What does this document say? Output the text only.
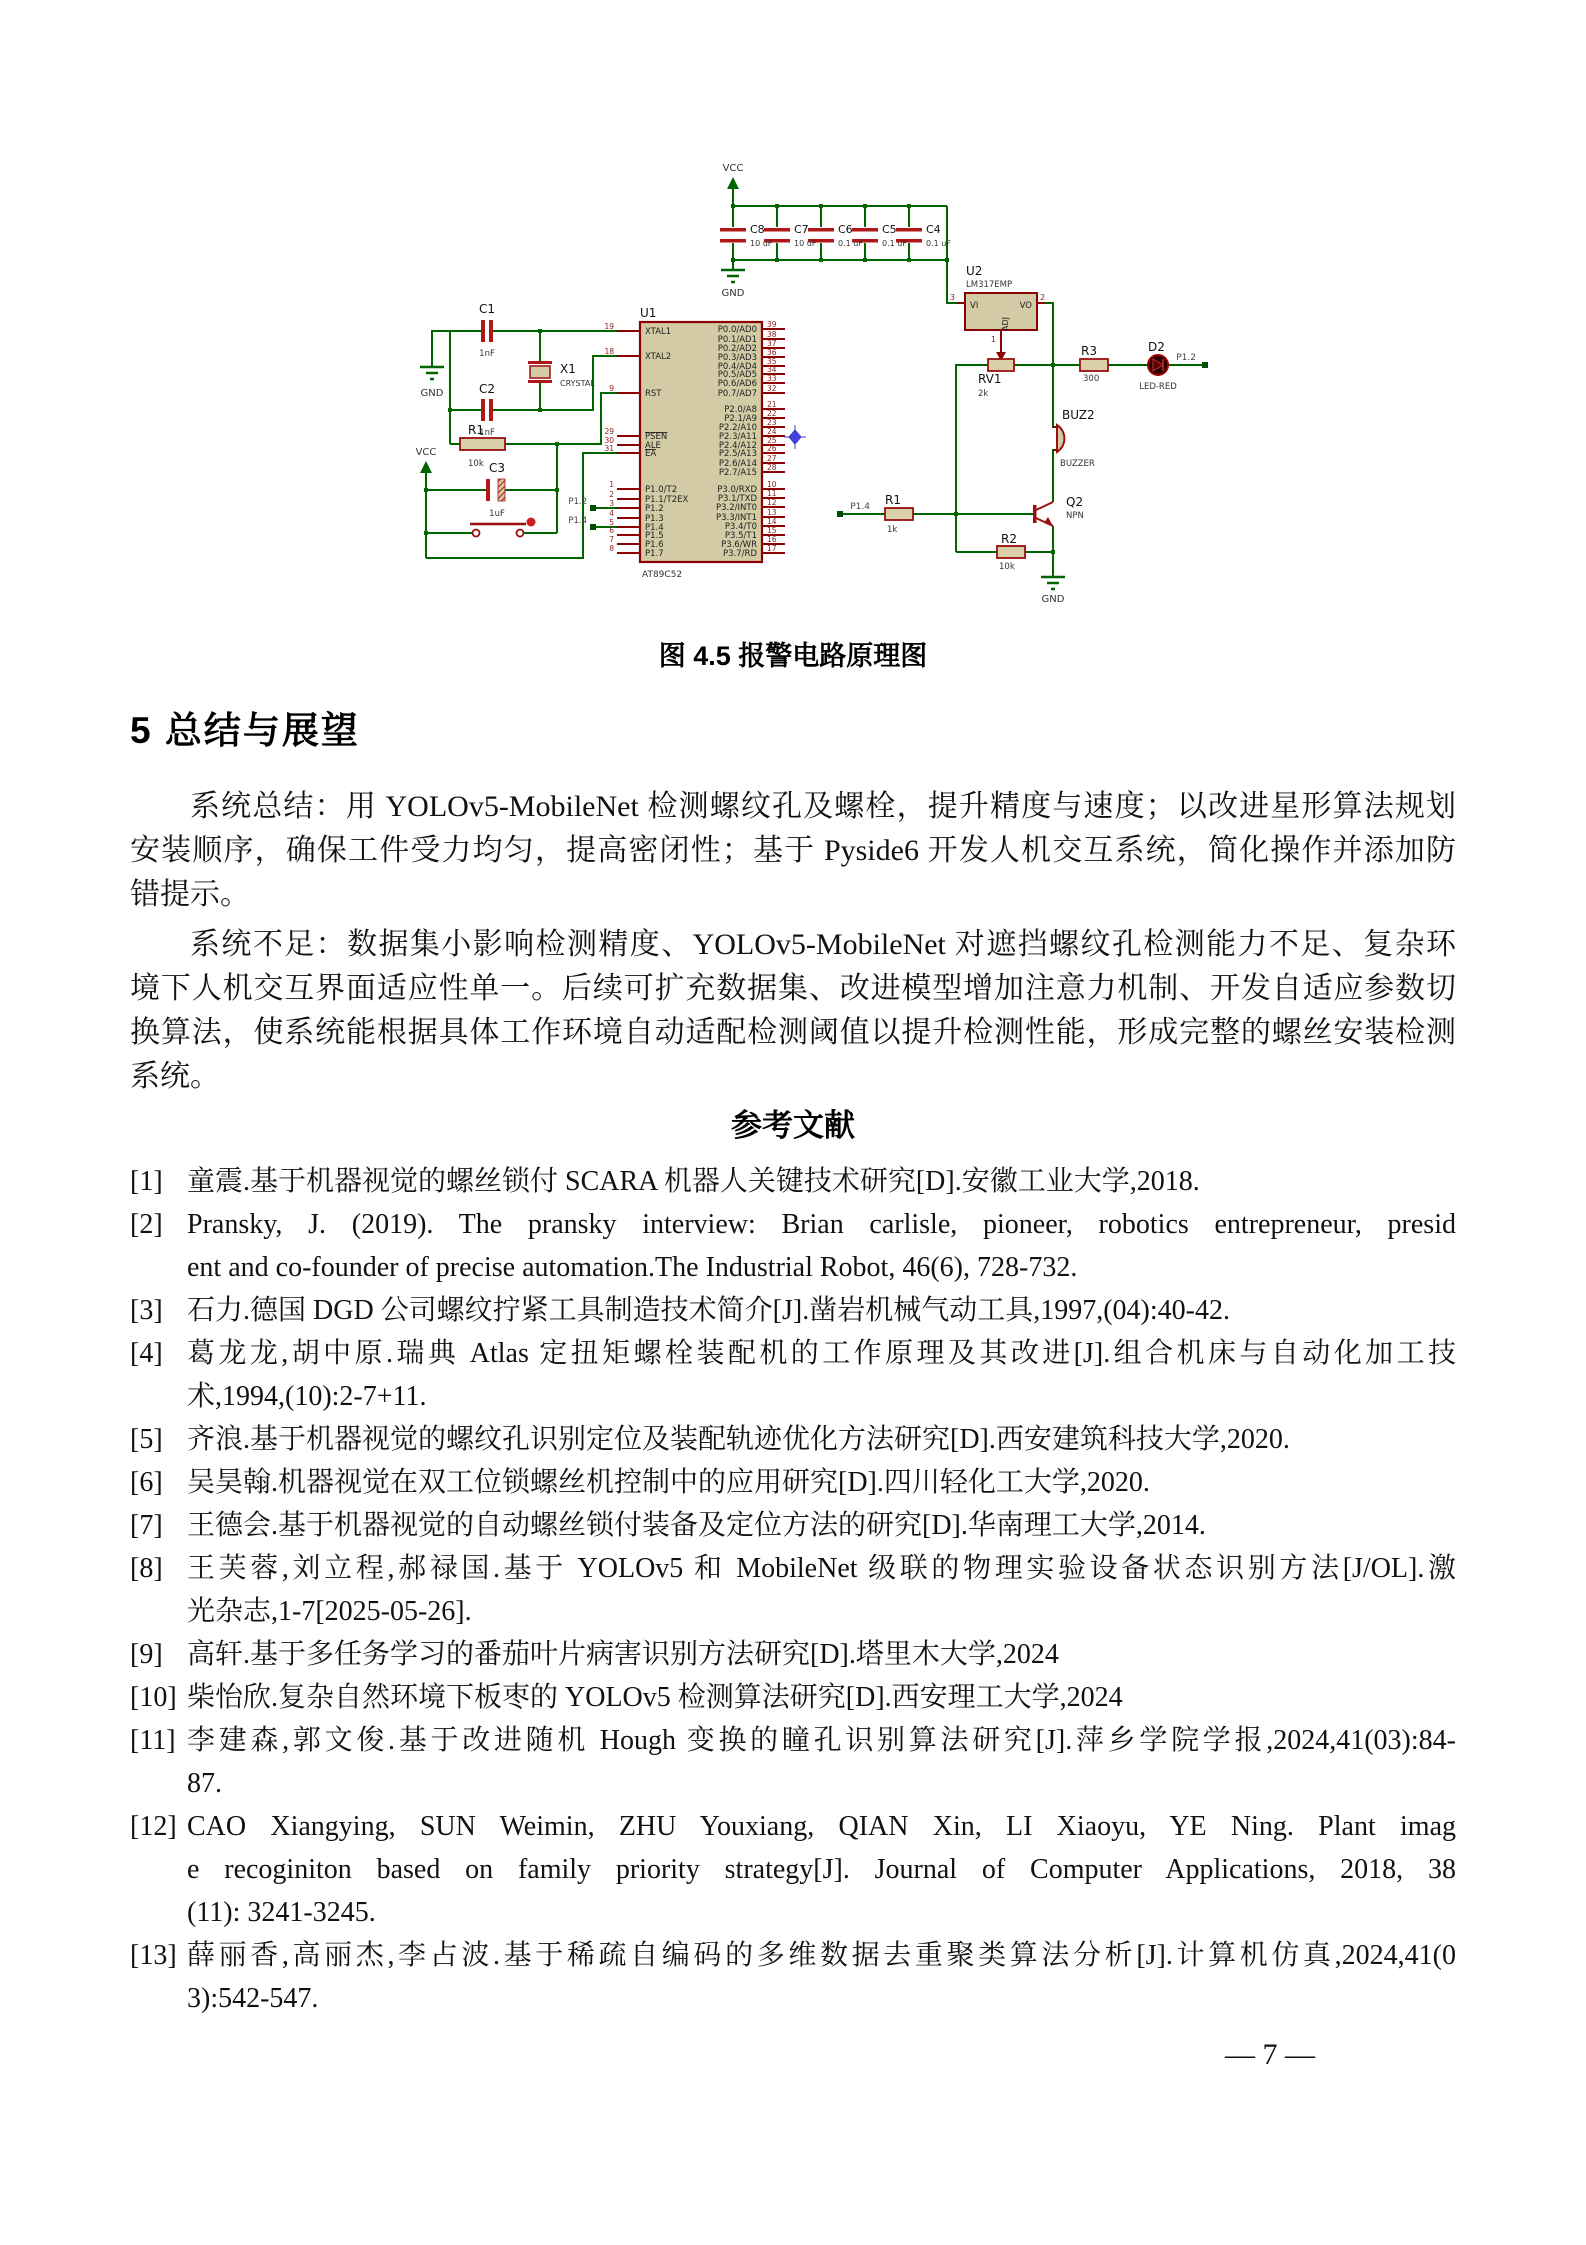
VCC
GND
VCC
GND
GND
C8
10 uF
C7
10 uF
C6
0.1 uF
C5
0.1 uF
C4
0.1 uF
U2
LM317EMP
VI	VO
ADJ
3	2
1
RV1
2k
R3
300
D2
LED-RED
P1.2
BUZ2
BUZZER
Q2
NPN
R1
1k
P1.4
R2
10k
C1
1nF
C2
1nF
X1
CRYSTAL
R1
10k C3
1uF
U1
AT89C52
XTAL1
19
XTAL2
18
RST
9
PSEN
29
ALE
30
EA
31
P1.0/T2
1
P1.1/T2EX
2
P1.2
3
P1.3
4
P1.4
5
P1.5
6
P1.6
7
P1.7
8
P0.0/AD0
39
P0.1/AD1
38
P0.2/AD2
37
P0.3/AD3
36
P0.4/AD4
35
P0.5/AD5
34
P0.6/AD6
33
P0.7/AD7
32
P2.0/A8
21
P2.1/A9
22
P2.2/A10
23
P2.3/A11
24
P2.4/A12
25
P2.5/A13
26
P2.6/A14
27
P2.7/A15
28
P3.0/RXD
10
P3.1/TXD
11
P3.2/INT0
12
P3.3/INT1
13
P3.4/T0
14
P3.5/T1
15
P3.6/WR
16
P3.7/RD
17
P1.2
P1.4
图 4.5 报警电路原理图
5 总结与展望
系统总结：用 YOLOv5-MobileNet 检测螺纹孔及螺栓，提升精度与速度；以改进星形算法规划
安装顺序，确保工件受力均匀，提高密闭性；基于 Pyside6 开发人机交互系统，简化操作并添加防
错提示。
系统不足：数据集小影响检测精度、YOLOv5-MobileNet 对遮挡螺纹孔检测能力不足、复杂环
境下人机交互界面适应性单一。后续可扩充数据集、改进模型增加注意力机制、开发自适应参数切
换算法，使系统能根据具体工作环境自动适配检测阈值以提升检测性能，形成完整的螺丝安装检测
系统。
参考文献
[1] 童震.基于机器视觉的螺丝锁付 SCARA 机器人关键技术研究[D].安徽工业大学,2018.
[2] Pransky, J. (2019). The pransky interview: Brian carlisle, pioneer, robotics entrepreneur, presid
ent and co-founder of precise automation.The Industrial Robot, 46(6), 728-732.
[3] 石力.德国 DGD 公司螺纹拧紧工具制造技术简介[J].凿岩机械气动工具,1997,(04):40-42.
[4] 葛龙龙,胡中原.瑞典 Atlas 定扭矩螺栓装配机的工作原理及其改进[J].组合机床与自动化加工技
术,1994,(10):2-7+11.
[5] 齐浪.基于机器视觉的螺纹孔识别定位及装配轨迹优化方法研究[D].西安建筑科技大学,2020.
[6] 吴昊翰.机器视觉在双工位锁螺丝机控制中的应用研究[D].四川轻化工大学,2020.
[7] 王德会.基于机器视觉的自动螺丝锁付装备及定位方法的研究[D].华南理工大学,2014.
[8] 王芙蓉,刘立程,郝禄国.基于 YOLOv5 和 MobileNet 级联的物理实验设备状态识别方法[J/OL].激
光杂志,1-7[2025-05-26].
[9] 高轩.基于多任务学习的番茄叶片病害识别方法研究[D].塔里木大学,2024
[10] 柴怡欣.复杂自然环境下板枣的 YOLOv5 检测算法研究[D].西安理工大学,2024
[11] 李建森,郭文俊.基于改进随机 Hough 变换的瞳孔识别算法研究[J].萍乡学院学报,2024,41(03):84-
87.
[12] CAO Xiangying, SUN Weimin, ZHU Youxiang, QIAN Xin, LI Xiaoyu, YE Ning. Plant imag
e recoginiton based on family priority strategy[J]. Journal of Computer Applications, 2018, 38
(11): 3241-3245.
[13] 薛丽香,高丽杰,李占波.基于稀疏自编码的多维数据去重聚类算法分析[J].计算机仿真,2024,41(0
3):542-547.
— 7 —
